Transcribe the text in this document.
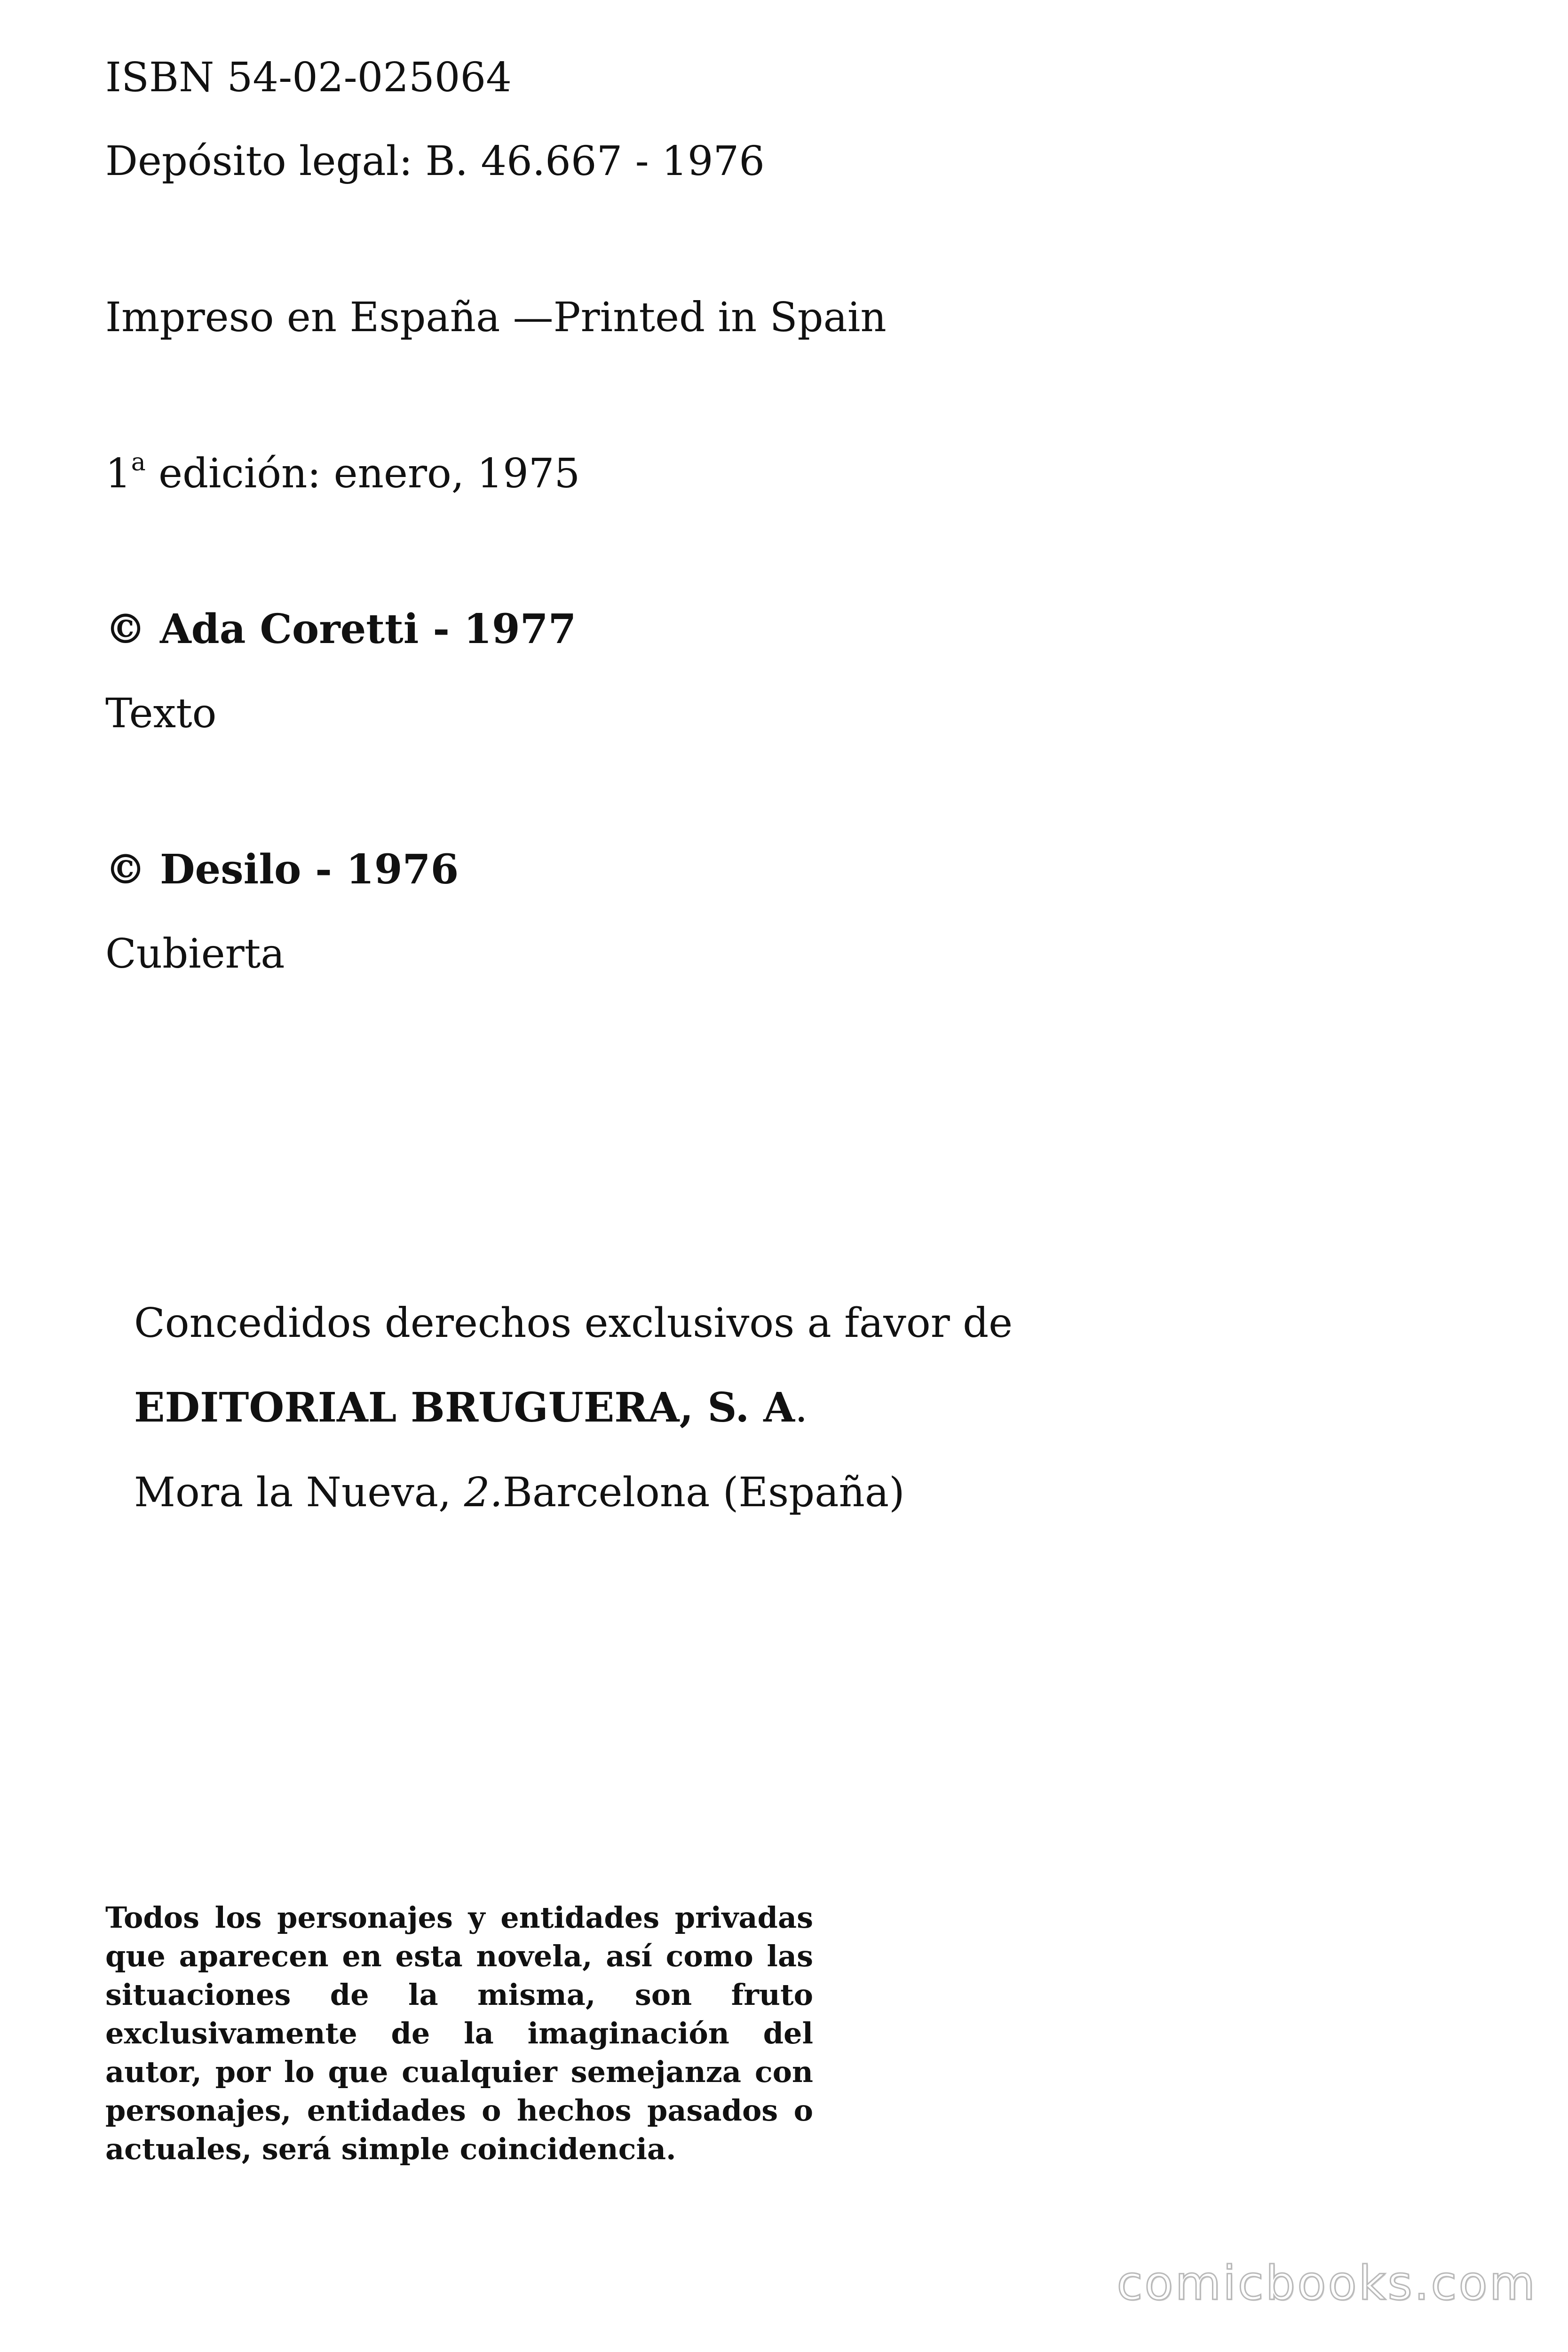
ISBN 54-02-025064

Depósito legal: B. 46.667 - 1976

Impreso en España —Printed in Spain

1$^a$ edición: enero, 1975

© Ada Coretti - 1977

Texto

© Desilo - 1976

Cubierta

Concedidos derechos exclusivos a favor de

EDITORIAL BRUGUERA, S. A.

Mora la Nueva, 2.Barcelona (España)

Todos los personajes y entidades privadas que aparecen en esta novela, así como las situaciones de la misma, son fruto exclusivamente de la imaginación del autor, por lo que cualquier semejanza con personajes, entidades o hechos pasados o actuales, será simple coincidencia.

comicbooks.com
